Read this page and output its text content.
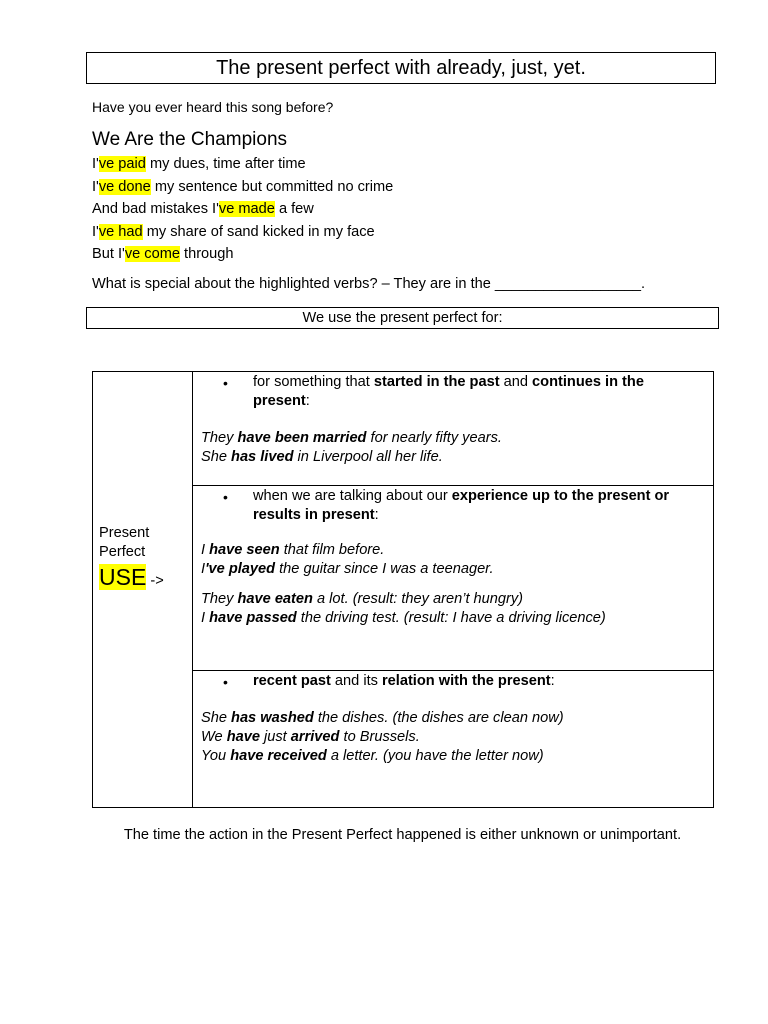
The present perfect with already, just, yet.
Have you ever heard this song before?
We Are the Champions
I've paid my dues, time after time
I've done my sentence but committed no crime
And bad mistakes I've made a few
I've had my share of sand kicked in my face
But I've come through
What is special about the highlighted verbs? – They are in the __________________.
We use the present perfect for:
Present
Perfect
USE ->
• for something that started in the past and continues in the present:
They have been married for nearly fifty years.
She has lived in Liverpool all her life.
• when we are talking about our experience up to the present or results in present:
I have seen that film before.
I've played the guitar since I was a teenager.
They have eaten a lot. (result: they aren’t hungry)
I have passed the driving test. (result: I have a driving licence)
• recent past and its relation with the present:
She has washed the dishes. (the dishes are clean now)
We have just arrived to Brussels.
You have received a letter. (you have the letter now)
The time the action in the Present Perfect happened is either unknown or unimportant.
